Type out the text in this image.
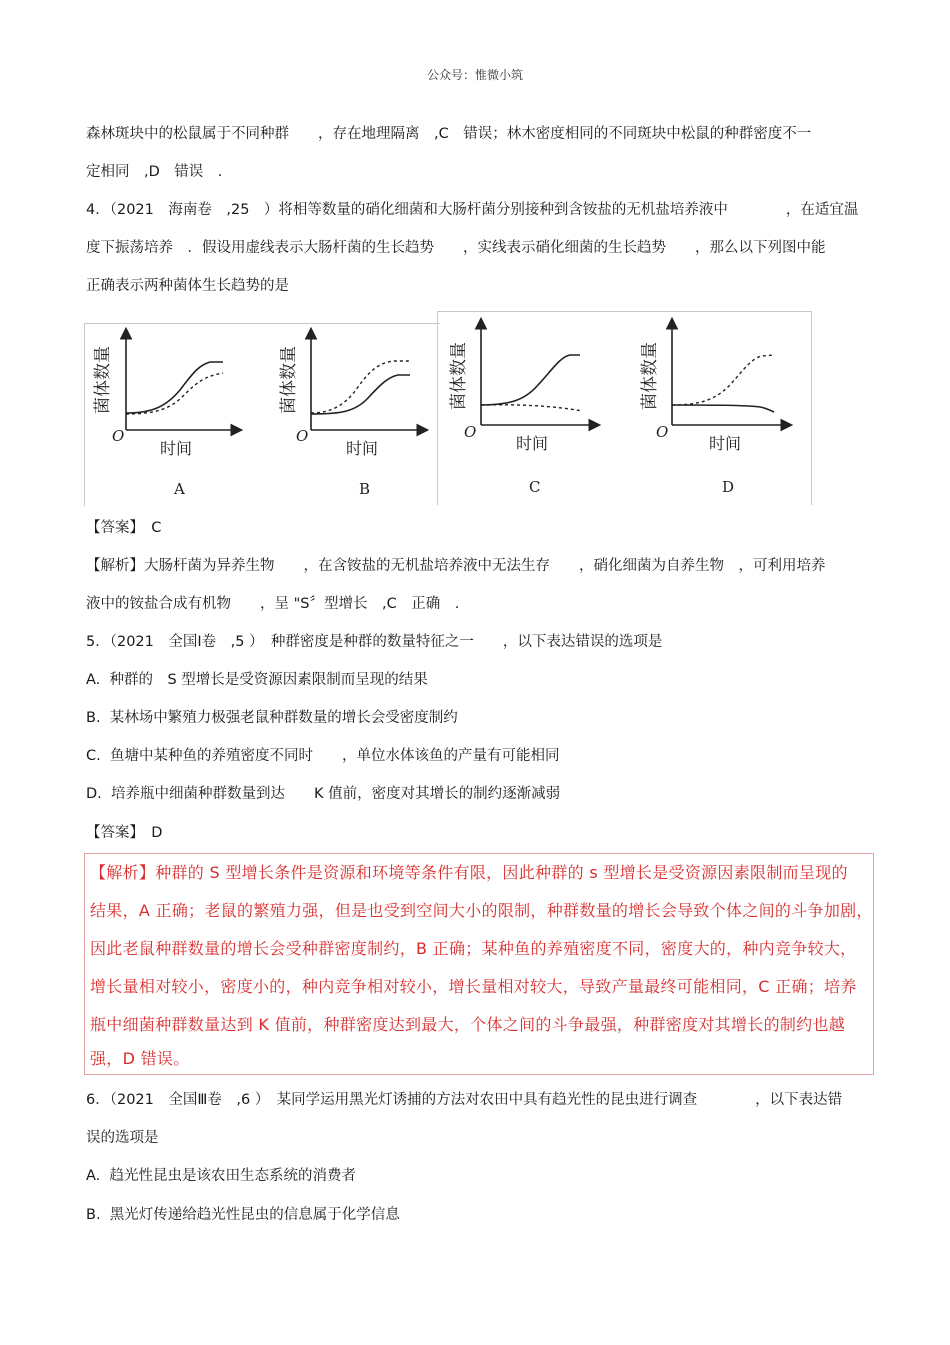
公众号：惟微小筑
森林斑块中的松鼠属于不同种群　　，存在地理隔离　,C　错误；林木密度相同的不同斑块中松鼠的种群密度不一
定相同　,D　错误　.
4．（2021　海南卷　,25　）将相等数量的硝化细菌和大肠杆菌分别接种到含铵盐的无机盐培养液中　　　　，在适宜温
度下振荡培养　．假设用虚线表示大肠杆菌的生长趋势　　，实线表示硝化细菌的生长趋势　　，那么以下列图中能
正确表示两种菌体生长趋势的是
菌体数量
O
时间
A
菌体数量
O
时间
B
菌体数量
O
时间
C
菌体数量
O
时间
D
【答案】　C
【解析】大肠杆菌为异养生物　　，在含铵盐的无机盐培养液中无法生存　　，硝化细菌为自养生物　，可利用培养
液中的铵盐合成有机物　　，呈 "S〞型增长　,C　正确　.
5．（2021　全国Ⅰ卷　,5 ）　种群密度是种群的数量特征之一　　，以下表达错误的选项是
A.  种群的　S 型增长是受资源因素限制而呈现的结果
B.  某林场中繁殖力极强老鼠种群数量的增长会受密度制约
C.  鱼塘中某种鱼的养殖密度不同时　　，单位水体该鱼的产量有可能相同
D.  培养瓶中细菌种群数量到达　　K 值前，密度对其增长的制约逐渐减弱
【答案】　D
【解析】种群的 S 型增长条件是资源和环境等条件有限，因此种群的 s 型增长是受资源因素限制而呈现的
结果，A 正确；老鼠的繁殖力强，但是也受到空间大小的限制，种群数量的增长会导致个体之间的斗争加剧，
因此老鼠种群数量的增长会受种群密度制约，B 正确；某种鱼的养殖密度不同，密度大的，种内竞争较大，
增长量相对较小，密度小的，种内竞争相对较小，增长量相对较大，导致产量最终可能相同，C 正确；培养
瓶中细菌种群数量达到 K 值前，种群密度达到最大，个体之间的斗争最强，种群密度对其增长的制约也越
强，D 错误。
6．（2021　全国Ⅲ卷　,6 ）　某同学运用黑光灯诱捕的方法对农田中具有趋光性的昆虫进行调查　　　　，以下表达错
误的选项是
A.  趋光性昆虫是该农田生态系统的消费者
B.  黑光灯传递给趋光性昆虫的信息属于化学信息
